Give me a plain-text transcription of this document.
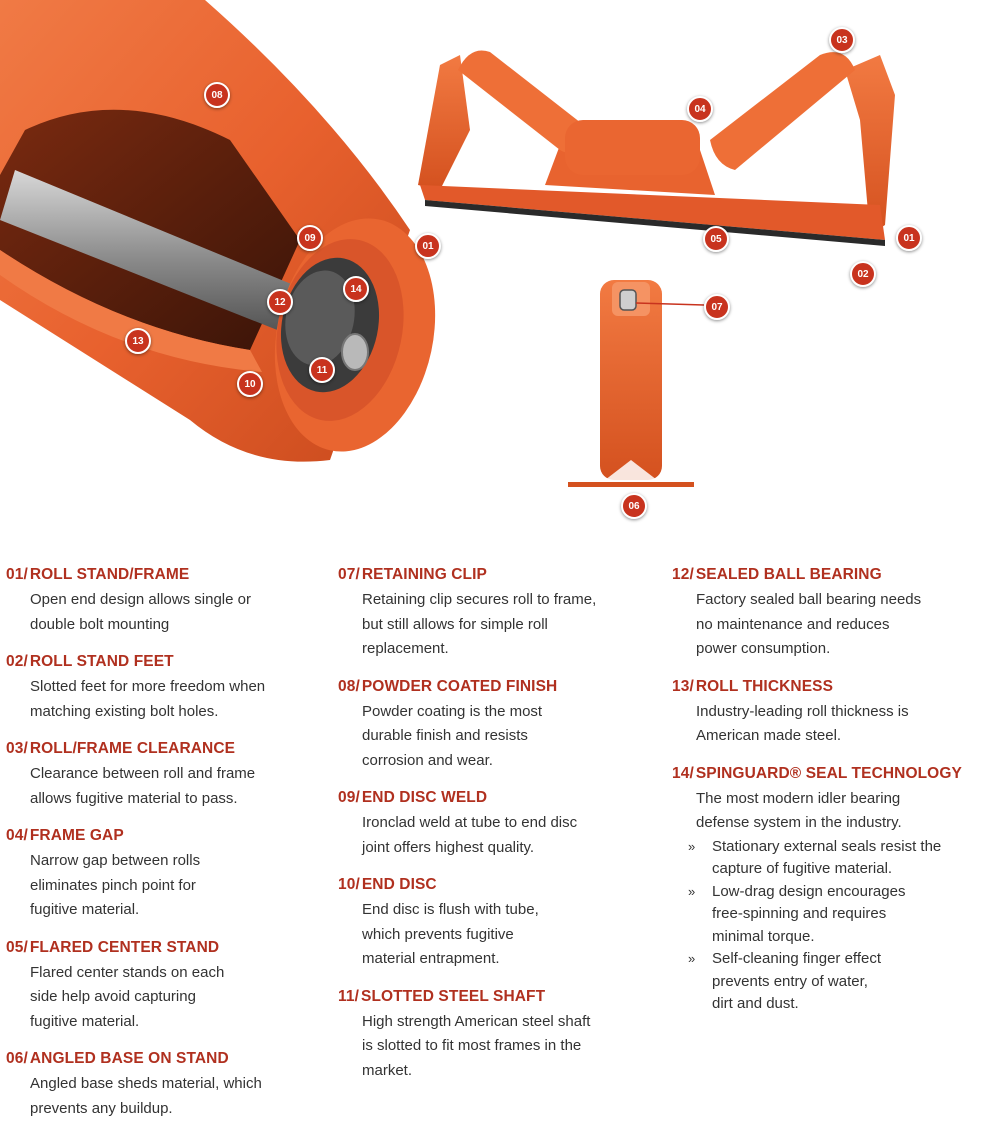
08
09
01
12
14
13
11
10
03
04
05	01
02
07
06
01/ ROLL STAND/FRAME

Open end design allows single or
double bolt mounting

02/ ROLL STAND FEET

Slotted feet for more freedom when
matching existing bolt holes.

03/ ROLL/FRAME CLEARANCE

Clearance between roll and frame
allows fugitive material to pass.

04/ FRAME GAP

Narrow gap between rolls
eliminates pinch point for
fugitive material.

05/ FLARED CENTER STAND

Flared center stands on each
side help avoid capturing
fugitive material.

06/ ANGLED BASE ON STAND

Angled base sheds material, which
prevents any buildup.

07/ RETAINING CLIP

Retaining clip secures roll to frame,
but still allows for simple roll
replacement.

08/ POWDER COATED FINISH

Powder coating is the most
durable finish and resists
corrosion and wear.

09/ END DISC WELD

Ironclad weld at tube to end disc
joint offers highest quality.

10/ END DISC

End disc is flush with tube,
which prevents fugitive
material entrapment.

11/ SLOTTED STEEL SHAFT

High strength American steel shaft
is slotted to fit most frames in the
market.

12/ SEALED BALL BEARING

Factory sealed ball bearing needs
no maintenance and reduces
power consumption.

13/ ROLL THICKNESS

Industry-leading roll thickness is
American made steel.

14/ SPINGUARD® SEAL TECHNOLOGY

The most modern idler bearing
defense system in the industry.

» Stationary external seals resist the
capture of fugitive material.
» Low-drag design encourages
free-spinning and requires
minimal torque.
» Self-cleaning finger effect
prevents entry of water,
dirt and dust.
